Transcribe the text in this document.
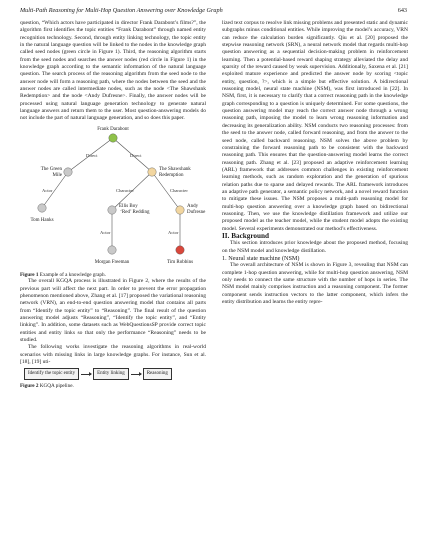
Multi-Path Reasoning for Multi-Hop Question Answering over Knowledge Graph	643

question, “Which actors have participated in director Frank Darabont’s films?”, the algorithm first identifies the topic entities “Frank Darabont” through named entity recognition technology. Second, through entity linking technology, the topic entity in the natural language question will be linked to the nodes in the knowledge graph called seed nodes (green circle in Figure 1). Third, the reasoning algorithm starts from the seed nodes and searches the answer nodes (red circle in Figure 1) in the knowledge graph according to the semantic information of the natural language question. The search process of the reasoning algorithm from the seed node to the answer node will form a reasoning path, where the nodes between the seed and the answer nodes are called intermediate nodes, such as the node <The Shawshank Redemption> and the node <Andy Dufresne>. Finally, the answer nodes will be processed using natural language generation technology to generate natural language answers and return them to the user. Most question-answering models do not include the part of natural language generation, and so does this paper.

Direct	Direct
Actor	Character	Character
Actor	Actor
Frank Darabont
The Green Mile
The Shawshank Redemption
Tom Hanks
Ellis Boy ‘Red’ Redding
Andy Dufresne
Morgan Freeman	Tim Robbins

Figure 1 Example of a knowledge graph.

The overall KGQA process is illustrated in Figure 2, where the results of the previous part will affect the next part. In order to prevent the error propagation phenomenon mentioned above, Zhang et al. [17] proposed the variational reasoning network (VRN), an end-to-end question answering model that contains all parts from “Identify the topic entity” to “Reasoning”. The final result of the question answering model adjusts “Reasoning”, “Identify the topic entity”, and “Entity linking”. In addition, some datasets such as WebQuestionsSP provide correct topic entities and entity links so that only the performance “Reasoning” needs to be studied.

The following works investigate the reasoning algorithms in real-world scenarios with missing links in large knowledge graphs. For instance, Sun et al. [18], [19] uti-

Identify the topic entity	Entity linking	Reasoning

Figure 2 KGQA pipeline.

lized text corpus to resolve link missing problems and presented static and dynamic subgraphs minus conditional entities. While improving the model’s accuracy, VRN can reduce the calculation burden significantly. Qiu et al. [20] proposed the stepwise reasoning network (SRN), a neural network model that regards multi-hop question answering as a sequential decision-making problem in reinforcement learning. Then a potential-based reward shaping strategy alleviated the delay and sparsity of the reward caused by weak supervision. Additionally, Saxena et al. [21] exploited mature experience and predicted the answer node by scoring <topic entity, question, ?>, which is a simple but effective solution. A bidirectional reasoning model, neural state machine (NSM), was first introduced in [22]. In NSM, first, it is necessary to clarify that a correct reasoning path in the knowledge graph corresponding to a question is uniquely determined. For some questions, the question answering model may reach the correct answer node through a wrong reasoning path, imposing the model to learn wrong reasoning information and decreasing its generalization ability. NSM conducts two reasoning processes: from the seed to the answer node, called forward reasoning, and from the answer to the seed node, called backward reasoning. NSM solves the above problem by constraining the forward reasoning path to be consistent with the backward reasoning path. This ensures that the question-answering model learns the correct reasoning path. Zhang et al. [23] proposed an adaptive reinforcement learning (ARL) framework that addresses common challenges in existing reinforcement learning methods, such as random exploration and the generation of spurious relation paths due to sparse and delayed rewards. The ARL framework introduces an adaptive path generator, a semantic policy network, and a novel reward function to mitigate these issues. The NSM proposes a multi-path reasoning model for multi-hop question answering over a knowledge graph based on bidirectional reasoning. Then, we use the knowledge distillation framework and utilize our proposed model as the teacher model, while the student model adopts the existing model. Several experiments demonstrated our method’s effectiveness.

II. Background

This section introduces prior knowledge about the proposed method, focusing on the NSM model and knowledge distillation.

1. Neural state machine (NSM)

The overall architecture of NSM is shown in Figure 3, revealing that NSM can complete 1-hop question answering, while for multi-hop question answering, NSM only needs to connect the same structure with the number of hops in series. The NSM model mainly comprises instruction and a reasoning component. The former component sends instruction vectors to the latter component, which infers the entity distribution and learns the entity repre-
